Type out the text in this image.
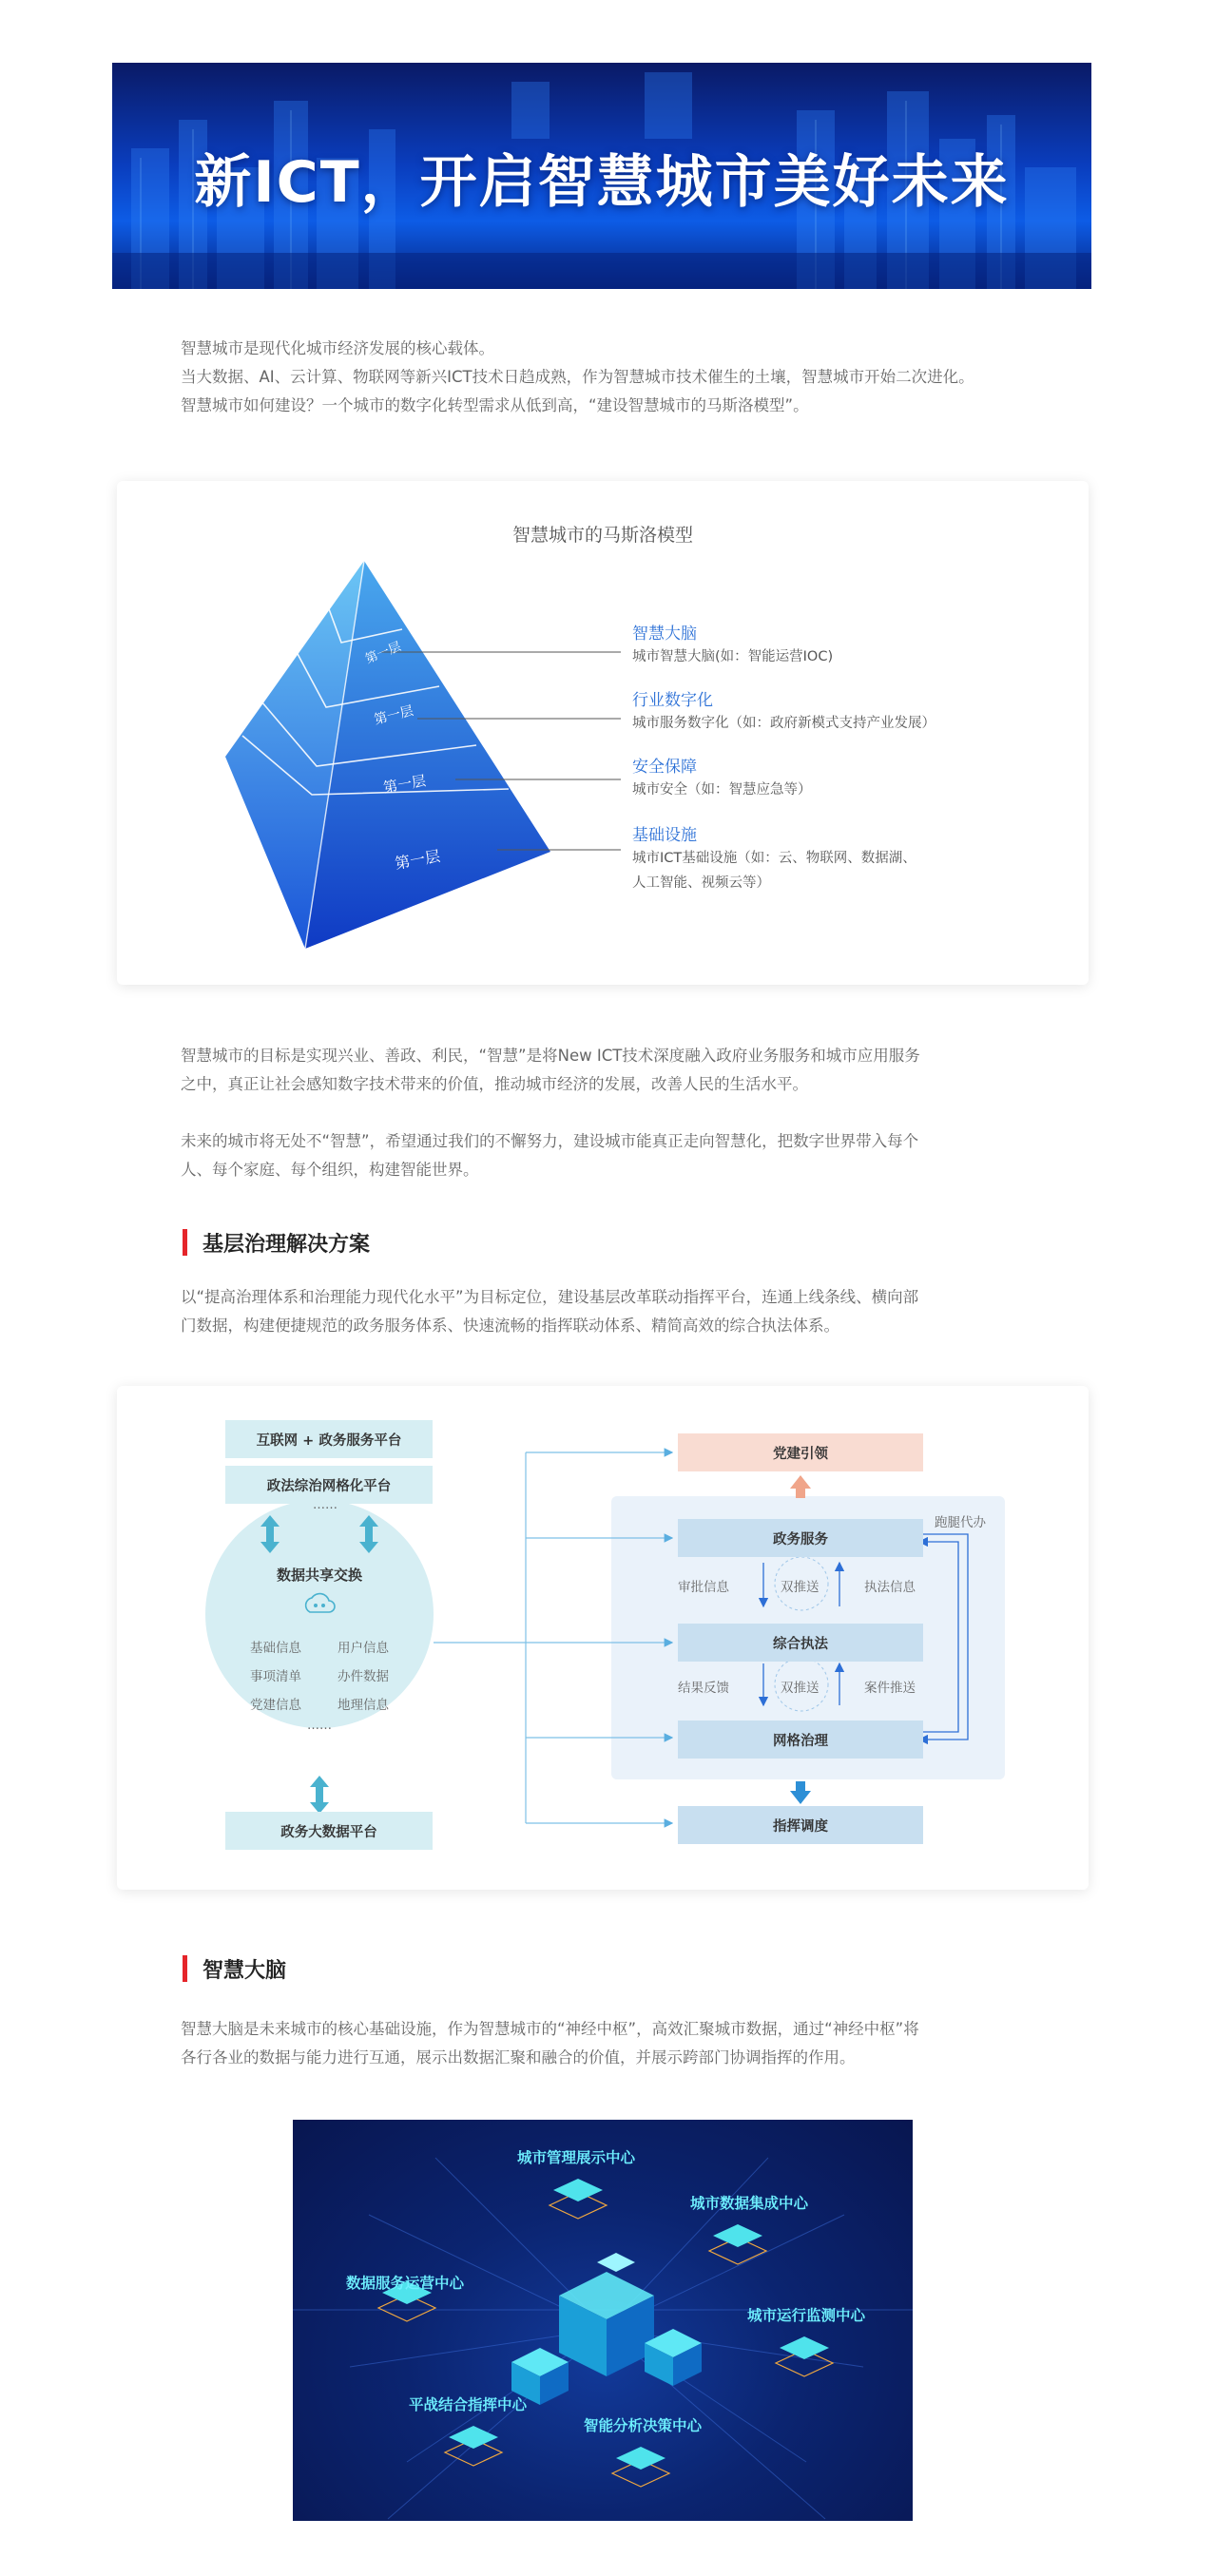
新ICT，开启智慧城市美好未来

智慧城市是现代化城市经济发展的核心载体。

当大数据、AI、云计算、物联网等新兴ICT技术日趋成熟，作为智慧城市技术催生的土壤，智慧城市开始二次进化。

智慧城市如何建设？一个城市的数字化转型需求从低到高，“建设智慧城市的马斯洛模型”。

智慧城市的马斯洛模型
第一层
第一层
第一层
第一层
智慧大脑
城市智慧大脑(如：智能运营IOC)
行业数字化
城市服务数字化（如：政府新模式支持产业发展）
安全保障
城市安全（如：智慧应急等）
基础设施
城市ICT基础设施（如：云、物联网、数据湖、
人工智能、视频云等）

智慧城市的目标是实现兴业、善政、利民，“智慧”是将New ICT技术深度融入政府业务服务和城市应用服务

之中，真正让社会感知数字技术带来的价值，推动城市经济的发展，改善人民的生活水平。

未来的城市将无处不“智慧”，希望通过我们的不懈努力，建设城市能真正走向智慧化，把数字世界带入每个

人、每个家庭、每个组织，构建智能世界。

基层治理解决方案

以“提高治理体系和治理能力现代化水平”为目标定位，建设基层改革联动指挥平台，连通上线条线、横向部

门数据，构建便捷规范的政务服务体系、快速流畅的指挥联动体系、精简高效的综合执法体系。

互联网 + 政务服务平台
政法综治网格化平台
……
数据共享交换
基础信息	用户信息
事项清单	办件数据
党建信息	地理信息
……
政务大数据平台
党建引领
政务服务
综合执法
网格治理
指挥调度
审批信息	双推送	执法信息
结果反馈	双推送	案件推送
跑腿代办
智慧大脑

智慧大脑是未来城市的核心基础设施，作为智慧城市的“神经中枢”，高效汇聚城市数据，通过“神经中枢”将

各行各业的数据与能力进行互通，展示出数据汇聚和融合的价值，并展示跨部门协调指挥的作用。

城市管理展示中心
城市数据集成中心
数据服务运营中心
城市运行监测中心
平战结合指挥中心
智能分析决策中心
